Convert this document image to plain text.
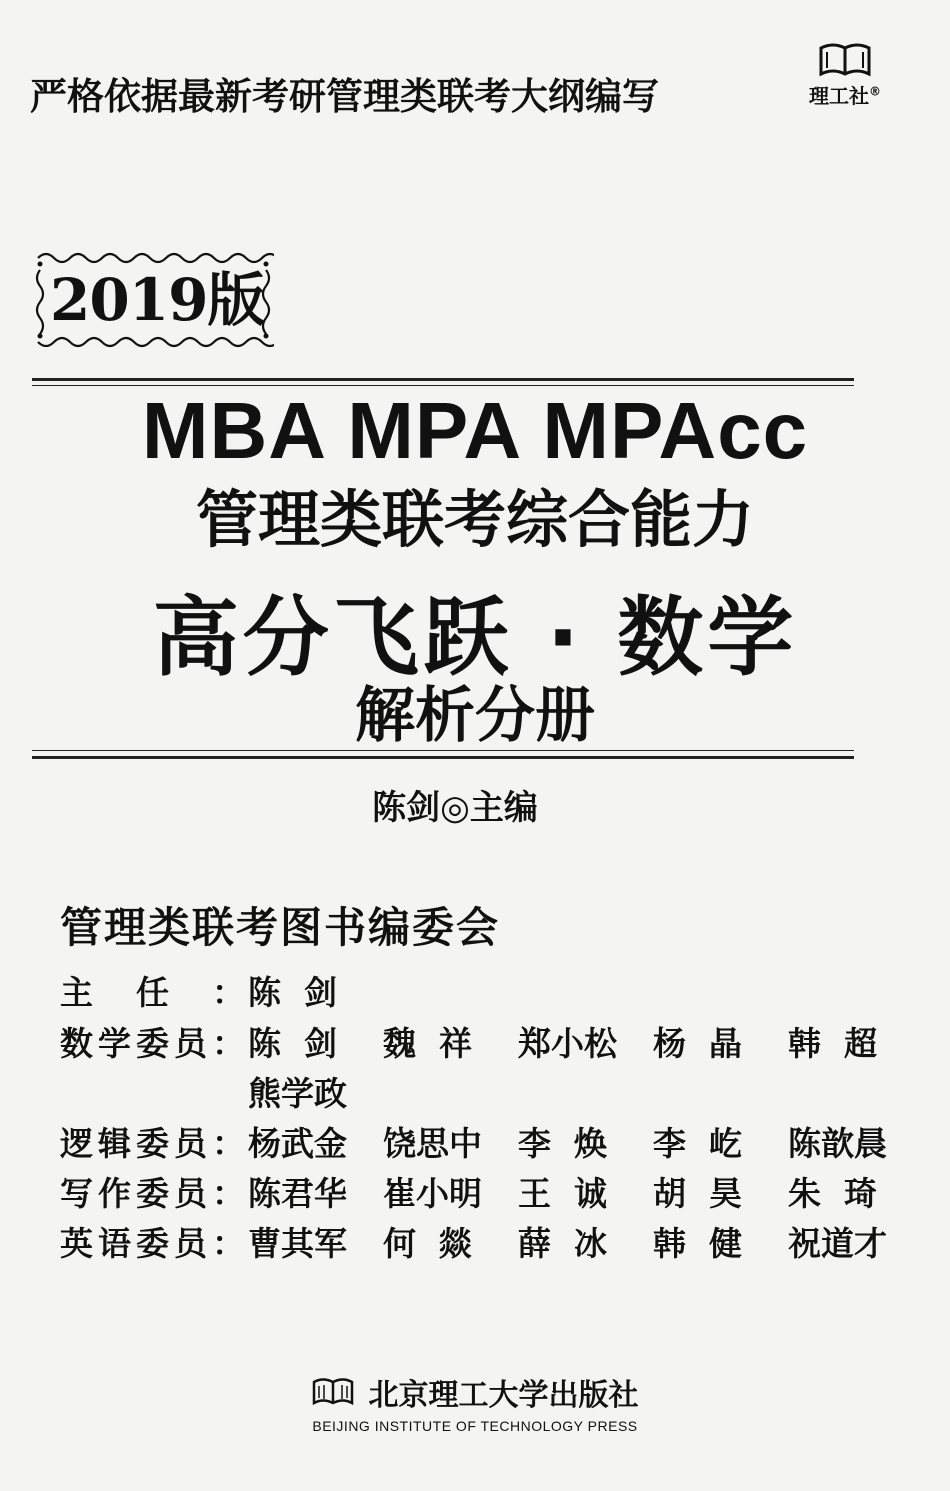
严格依据最新考研管理类联考大纲编写	理工社®
2019版
MBA MPA MPAcc
管理类联考综合能力
高分飞跃 · 数学
解析分册
陈剑◎主编
管理类联考图书编委会
主 任 ： 陈  剑
数 学 委 员 ： 陈  剑 魏  祥 郑小松 杨  晶 韩  超
熊学政
逻 辑 委 员 ： 杨武金 饶思中 李  焕 李  屹 陈歆晨
写 作 委 员 ： 陈君华 崔小明 王  诚 胡  昊 朱  琦
英 语 委 员 ： 曹其军 何  燚 薛  冰 韩  健 祝道才
北京理工大学出版社
BEIJING INSTITUTE OF TECHNOLOGY PRESS
